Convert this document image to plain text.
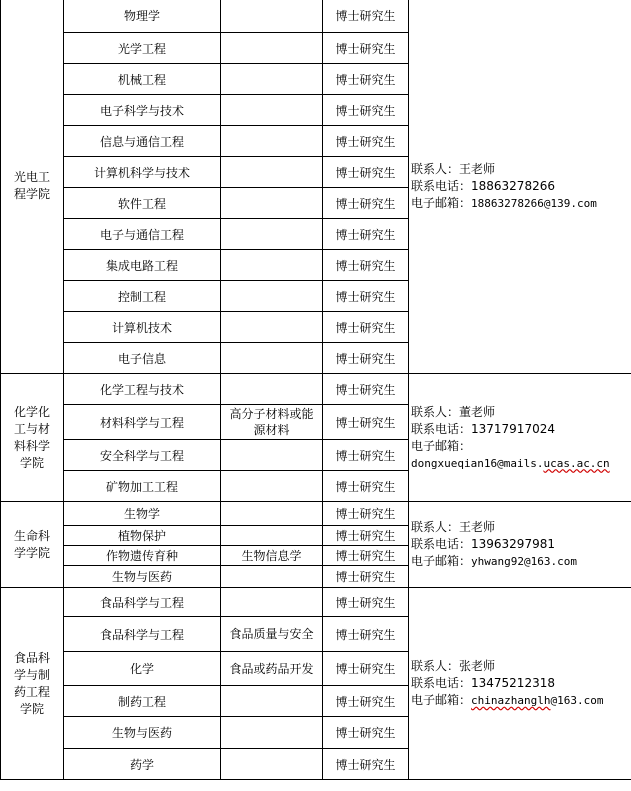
光电工程学院	物理学		博士研究生	联系人：王老师
联系电话：18863278266
电子邮箱：18863278266@139.com

	光学工程		博士研究生	
	机械工程		博士研究生	
	电子科学与技术		博士研究生	
	信息与通信工程		博士研究生	
	计算机科学与技术		博士研究生	
	软件工程		博士研究生	
	电子与通信工程		博士研究生	
	集成电路工程		博士研究生	
	控制工程		博士研究生	
	计算机技术		博士研究生	
	电子信息		博士研究生	
化学化工与材料科学学院	化学工程与技术		博士研究生	联系人：董老师
联系电话：13717917024
电子邮箱：
dongxueqian16@mails.ucas.ac.cn

	材料科学与工程	高分子材料或能源材料	博士研究生	
	安全科学与工程		博士研究生	
	矿物加工工程		博士研究生	
生命科学学院	生物学		博士研究生	联系人：王老师
联系电话：13963297981
电子邮箱：yhwang92@163.com

	植物保护		博士研究生	
	作物遗传育种	生物信息学	博士研究生	
	生物与医药		博士研究生	
食品科学与制药工程学院	食品科学与工程		博士研究生	联系人：张老师
联系电话：13475212318
电子邮箱：chinazhanglh@163.com

	食品科学与工程	食品质量与安全	博士研究生	
	化学	食品或药品开发	博士研究生	
	制药工程		博士研究生	
	生物与医药		博士研究生	
	药学		博士研究生	
